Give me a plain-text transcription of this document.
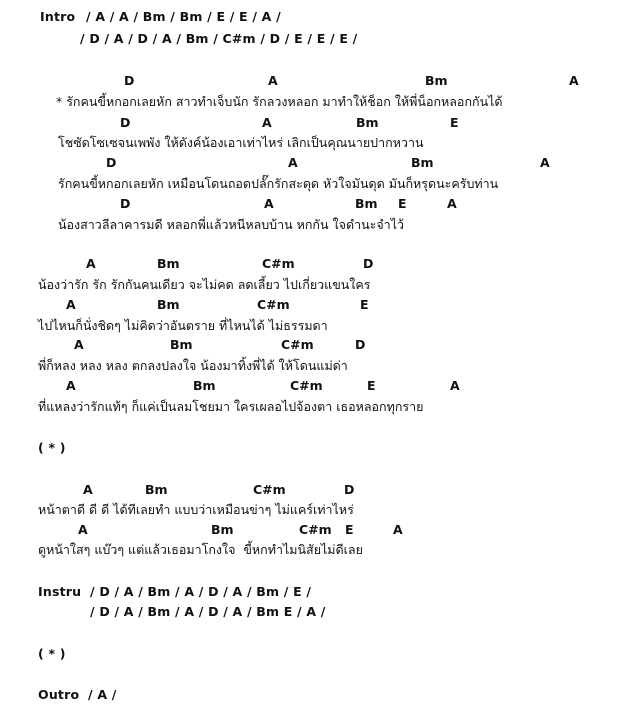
Intro / A / A / Bm / Bm / E / E / A /
/ D / A / D / A / Bm / C#m / D / E / E / E /
D	A	Bm	A
* รักคนขี้หกอกเลยหัก สาวทำเจ็บนัก รักลวงหลอก มาทำให้ช็อก ให้พี่น็อกหลอกกันได้
D	A	Bm	E
โชซัดโซเซจนเพพัง ให้ดังค์น้องเอาเท่าไหร่ เลิกเป็นคุณนายปากหวาน
D	A	Bm	A
รักคนขี้หกอกเลยหัก เหมือนโดนถอดปลั๊กรักสะดุด หัวใจมันดุด มันก็หรุดนะครับท่าน
D	A	Bm E	A
น้องสาวลีลาคารมดี หลอกพี่แล้วหนีหลบบ้าน หกกัน ใจดำนะจำไว้
A	Bm	C#m	D
น้องว่ารัก รัก รักกันคนเดียว จะไม่คด ลดเลี้ยว ไปเกี่ยวแขนใคร
A	Bm	C#m	E
ไปไหนก็นั่งชิดๆ ไม่คิดว่าอันตราย ที่ไหนได้ ไม่ธรรมดา
A	Bm	C#m	D
พี่ก็หลง หลง หลง ตกลงปลงใจ น้องมาทิ้งพี่ได้ ให้โดนแม่ด่า
A	Bm	C#m	E	A
ที่แหลงว่ารักแท้ๆ ก็แค่เป็นลมโชยมา ใครเผลอไปจ้องตา เธอหลอกทุกราย
( * )
A	Bm	C#m	D
หน้าตาดี ดี ดี ได้ทีเลยทำ แบบว่าเหมือนข่าๆ ไม่แคร์เท่าไหร่
A	Bm	C#m E	A
ดูหน้าใสๆ แบ๊วๆ แต่แล้วเธอมาโกงใจ  ขี้หกทำไมนิสัยไม่ดีเลย
Instru / D / A / Bm / A / D / A / Bm / E /
/ D / A / Bm / A / D / A / Bm E / A /
( * )
Outro / A /
